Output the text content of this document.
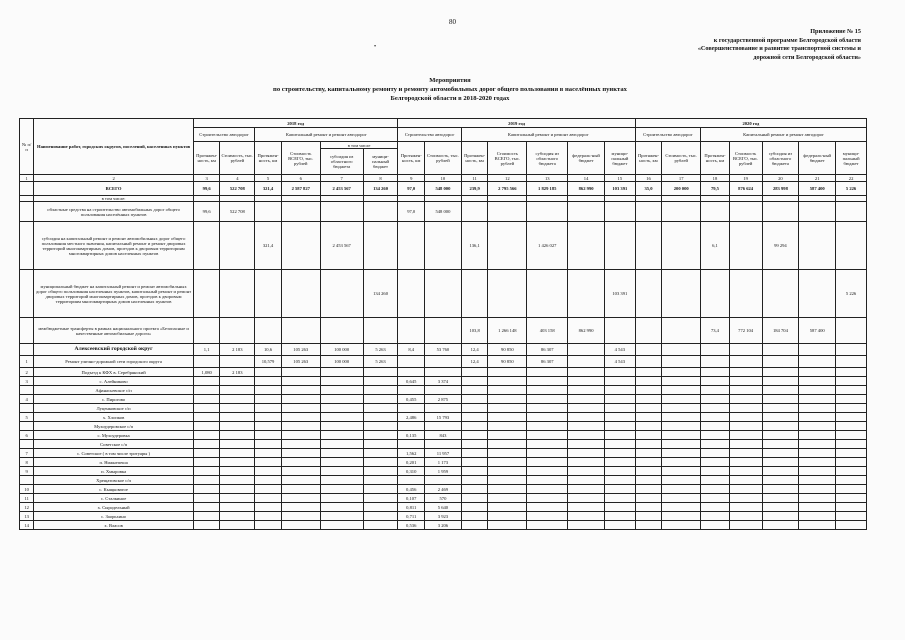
80
Приложение № 15
к государственной программе Белгородской области
«Совершенствование и развитие транспортной системы и
дорожной сети Белгородской области»
•
Мероприятия
по строительству, капитальному ремонту и ремонту автомобильных дорог общего пользования в населённых пунктах
Белгородской области в 2018-2020 годах
№ п/п	Наименование работ, городских округов, поселений, населенных пунктов	2018 год						2019 год							2020 год						
		Строительство автодорог		Капитальный ремонт и ремонт автодорог				Строительство автодорог		Капитальный ремонт и ремонт автодорог					Строительство автодорог		Капитальный ремонт и ремонт автодорог				
		Протяжен-ность, км	Стоимость, тыс. рублей	Протяжен-ность, км	Стоимость ВСЕГО, тыс. рублей	в том числе		Протяжен-ность, км	Стоимость, тыс. рублей	Протяжен-ность, км	Стоимость ВСЕГО, тыс. рублей	субсидия из областного бюджета	федераль-ный бюджет	муници-пальный бюджет	Протяжен-ность, км	Стоимость, тыс. рублей	Протяжен-ность, км	Стоимость ВСЕГО, тыс. рублей	субсидия из областного бюджета	федераль-ный бюджет	муници-пальный бюджет
						субсидия из областного бюджета	муници-пальный бюджет														
1	2	3	4	5	6	7	8	9	10	11	12	13	14	15	16	17	18	19	20	21	22
	ВСЕГО	99,6	522 708	321,4	2 587 827	2 453 567	134 260	97,0	548 000	239,9	2 795 566	1 829 185	862 990	103 391	35,0	200 000	79,5	876 624	283 998	587 400	5 226
	в том числе:																				
	областные средства на строительство автомобильных дорог общего пользования населённых пунктов	99,6	522 708					97,0	548 000												
	субсидия на капитальный ремонт и ремонт автомобильных дорог общего пользования местного значения, капитальный ремонт и ремонт дворовых территорий многоквартирных домов, проездов к дворовым территориям многоквартирных домов населенных пунктов			321,4		2 453 567				136,1		1 426 027					6,1		99 294		
	муниципальный бюджет на капитальный ремонт и ремонт автомобильных дорог общего пользования населенных пунктов, капитальный ремонт и ремонт дворовых территорий многоквартирных домов, проездов к дворовым территориям многоквартирных домов населенных пунктов						134 260							103 391							5 226
	межбюджетные трансферты в рамках национального проекта «Безопасные и качественные автомобильные дороги»									103,8	1 266 148	403 158	862 990				73,4	772 104	184 704	587 400	
	Алексеевский городской округ	1,1	2 183	10,6	105 263	100 000	5 263	8,4	53 760	12,4	90 850	86 307		4 543							
1	Ремонт улично-дорожной сети городского округа			10,579	105 263	100 000	5 263			12,4	90 850	86 307		4 543							
2	Подъезд к КФХ в. Серебрянский	1,080	2 183																		
3	с. Алейниково							0,645	3 374												
	Афанасьевское с/п																				
4	с. Пирогово							0,455	2 875												
	Луценковское с/п																				
5	х. Хлопков							2,486	15 793												
	Мухоудеровское с/п																				
6	с. Мухоудеровка							0,135	843												
	Советское с/п																				
7	с. Советское ( в том числе тротуары )							1,562	11 957												
8	п. Нижнепеша							0,201	1 173												
9	п. Хмыровка							0,310	1 959												
	Хрещатовское с/п																				
10	с. Кыщковатое							0,456	2 469												
11	с. Сталкиное							0,107	570												
12	х. Сыродельный							0,811	5 640												
13	с. Заорьхино							0,711	3 923												
14	х. Власов							0,536	3 206												
